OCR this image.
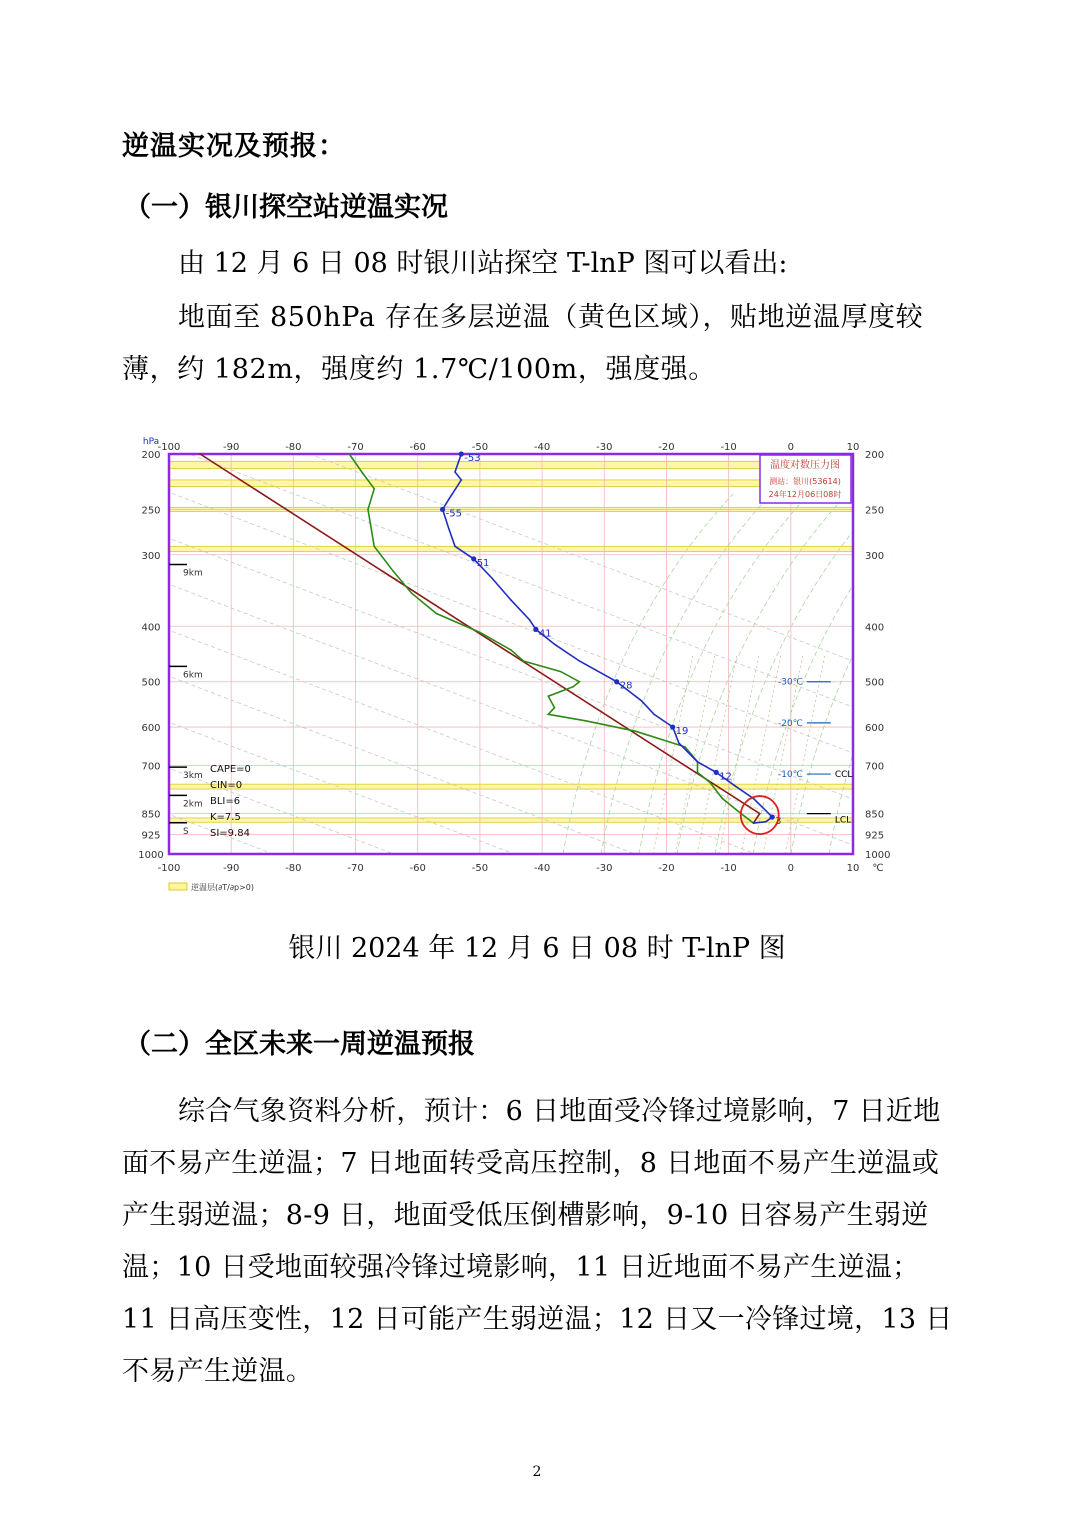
逆温实况及预报：
（一）银川探空站逆温实况
由 12 月 6 日 08 时银川站探空 T-lnP 图可以看出:
地面至 850hPa 存在多层逆温（黄色区域），贴地逆温厚度较薄，约 182m，强度约 1.7℃/100m，强度强。
-100
-100
-90
-90
-80
-80
-70
-70
-60
-60
-50
-50
-40
-40
-30
-30
-20
-20
-10
-10
0
0
10
10 ℃
hPa
200	200
250	250
300	300
400	400
500	500
600	600
700	700
850	850
925	925
1000	1000
9km
6km
3km
2km
S
CAPE=0
CIN=0
BLI=6
K=7.5
SI=9.84
-53
-55
51
41
28
19
12
3
-30℃
-20℃
-10℃	CCL
LCL
温度对数压力图
测站：银川(53614)
24年12月06日08时
逆温层(∂T/∂p>0)
银川 2024 年 12 月 6 日 08 时 T-lnP 图
（二）全区未来一周逆温预报
综合气象资料分析，预计：6 日地面受冷锋过境影响，7 日近地面不易产生逆温；7 日地面转受高压控制，8 日地面不易产生逆温或产生弱逆温；8-9 日，地面受低压倒槽影响，9-10 日容易产生弱逆温；10 日受地面较强冷锋过境影响，11 日近地面不易产生逆温；11 日高压变性，12 日可能产生弱逆温；12 日又一冷锋过境，13 日不易产生逆温。
2
